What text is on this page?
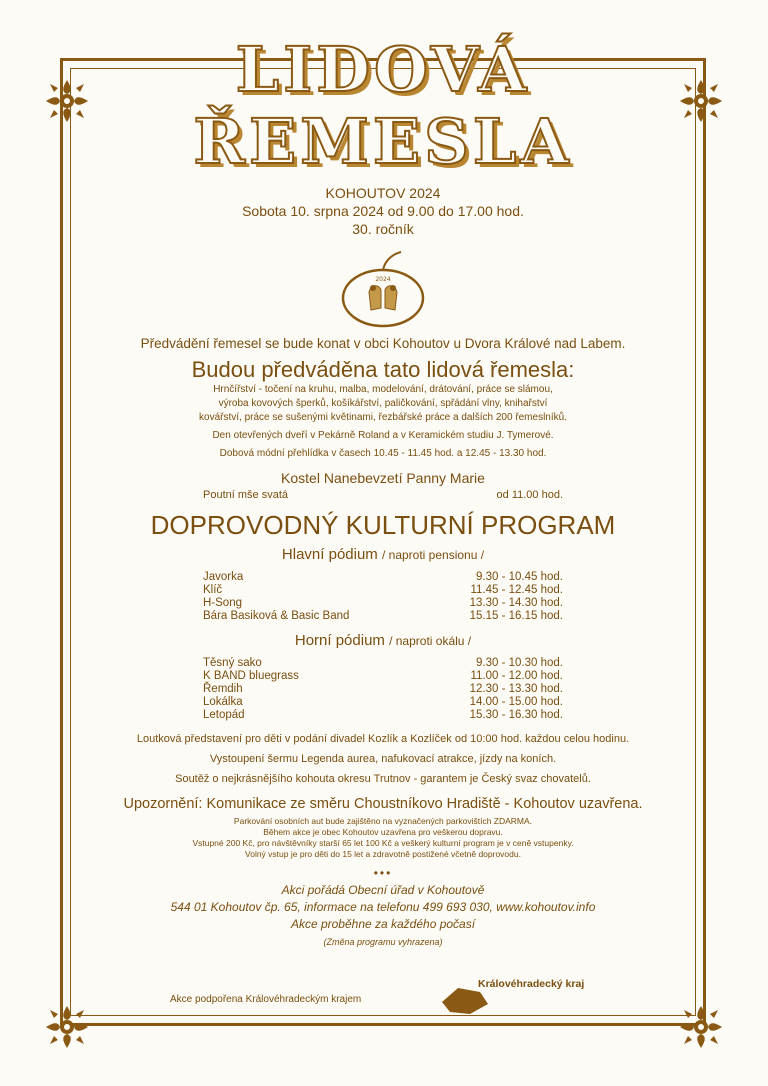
LIDOVÁ
ŘEMESLA
KOHOUTOV 2024
Sobota 10. srpna 2024 od 9.00 do 17.00 hod.
30. ročník
2024
Předvádění řemesel se bude konat v obci Kohoutov u Dvora Králové nad Labem.
Budou předváděna tato lidová řemesla:
Hrnčířství - točení na kruhu, malba, modelování, drátování, práce se slámou,
výroba kovových šperků, košíkářství, paličkování, spřádání vlny, knihařství
kovářství, práce se sušenými květinami, řezbářské práce a dalších 200 řemeslníků.
Den otevřených dveří v Pekárně Roland a v Keramickém studiu J. Tymerové.
Dobová módní přehlídka v časech 10.45 - 11.45 hod. a 12.45 - 13.30 hod.
Kostel Nanebevzetí Panny Marie
Poutní mše svatá	od 11.00 hod.
DOPROVODNÝ KULTURNÍ PROGRAM
Hlavní pódium / naproti pensionu /
Javorka	9.30 - 10.45 hod.
Klíč	11.45 - 12.45 hod.
H-Song	13.30 - 14.30 hod.
Bára Basiková & Basic Band	15.15 - 16.15 hod.
Horní pódium / naproti okálu /
Těsný sako	9.30 - 10.30 hod.
K BAND bluegrass	11.00 - 12.00 hod.
Řemdih	12.30 - 13.30 hod.
Lokálka	14.00 - 15.00 hod.
Letopád	15.30 - 16.30 hod.
Loutková představení pro děti v podání divadel Kozlík a Kozlíček od 10:00 hod. každou celou hodinu.
Vystoupení šermu Legenda aurea, nafukovací atrakce, jízdy na koních.
Soutěž o nejkrásnějšího kohouta okresu Trutnov - garantem je Český svaz chovatelů.
Upozornění: Komunikace ze směru Choustníkovo Hradiště - Kohoutov uzavřena.
Parkování osobních aut bude zajištěno na vyznačených parkovištích ZDARMA.
Během akce je obec Kohoutov uzavřena pro veškerou dopravu.
Vstupné 200 Kč, pro návštěvníky starší 65 let 100 Kč a veškerý kulturní program je v ceně vstupenky.
Volný vstup je pro děti do 15 let a zdravotně postižené včetně doprovodu.
•••
Akci pořádá Obecní úřad v Kohoutově
544 01 Kohoutov čp. 65, informace na telefonu 499 693 030, www.kohoutov.info
Akce proběhne za každého počasí
(Změna programu vyhrazena)
Akce podpořena Královéhradeckým krajem
Královéhradecký kraj
